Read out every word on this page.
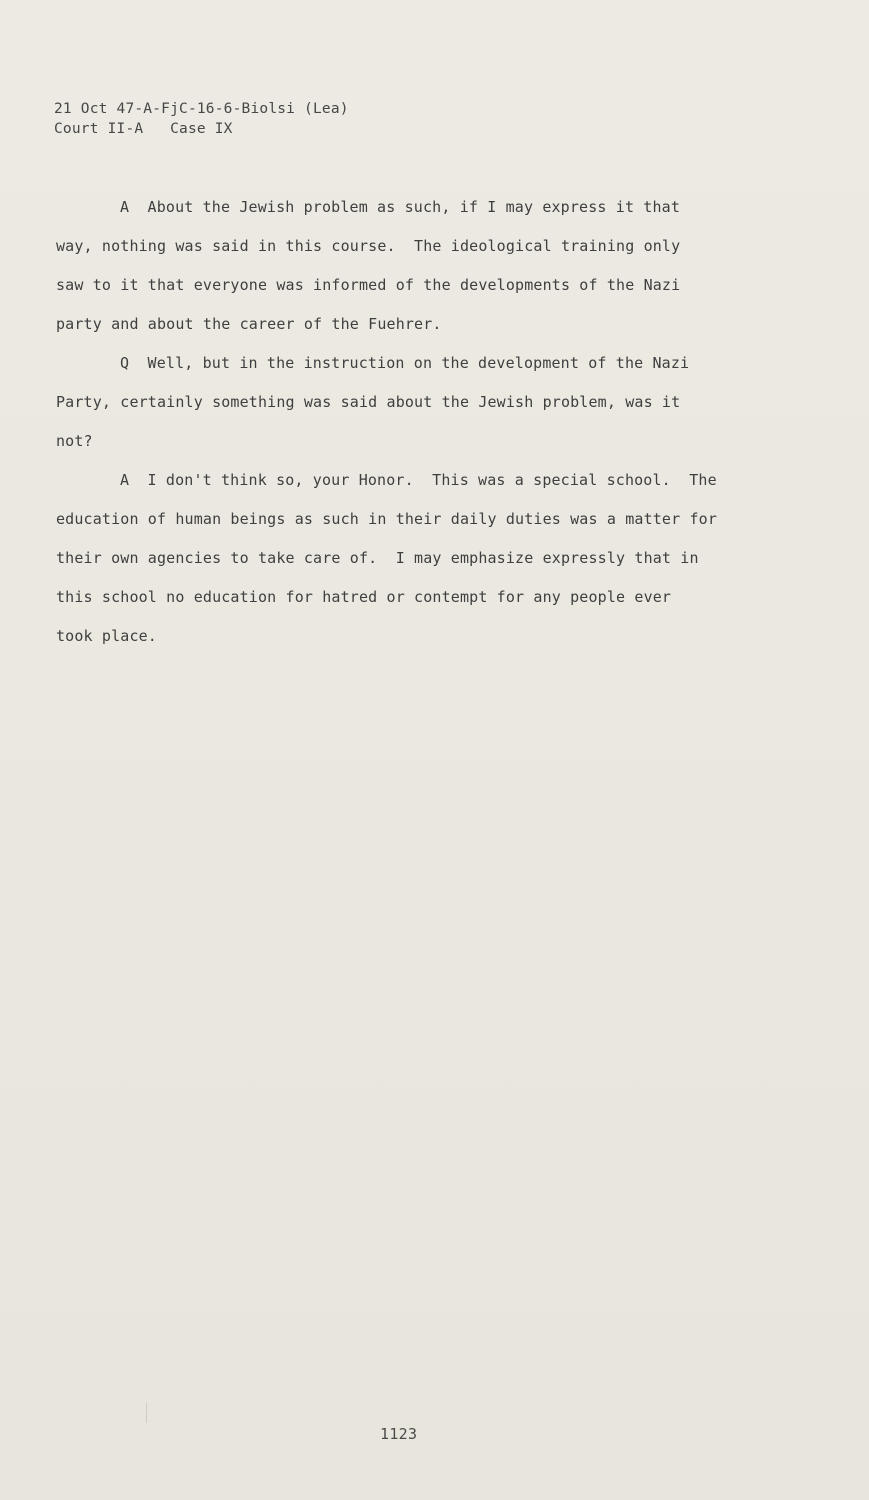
21 Oct 47-A-FjC-16-6-Biolsi (Lea)
Court II-A   Case IX

A  About the Jewish problem as such, if I may express it that
way, nothing was said in this course.  The ideological training only
saw to it that everyone was informed of the developments of the Nazi
party and about the career of the Fuehrer.

Q  Well, but in the instruction on the development of the Nazi
Party, certainly something was said about the Jewish problem, was it
not?

A  I don't think so, your Honor.  This was a special school.  The
education of human beings as such in their daily duties was a matter for
their own agencies to take care of.  I may emphasize expressly that in
this school no education for hatred or contempt for any people ever
took place.

1123
